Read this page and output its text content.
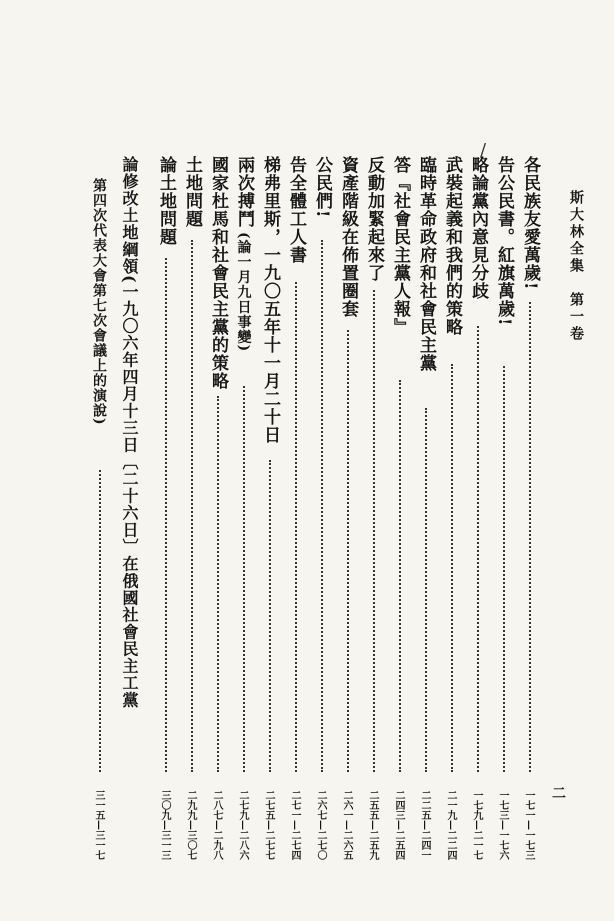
斯大林全集　第一卷
二
各民族友愛萬歲!
一七一—一七三
告公民書。紅旗萬歲!
一七三—一七六
略論黨內意見分歧
一七九—二一七
武裝起義和我們的策略
二一九—二二四
臨時革命政府和社會民主黨
二二五—二四一
答『社會民主黨人報』
二四三—二五四
反動加緊起來了
二五五—二五九
資產階級在佈置圈套
二六一—二六五
公民們!
二六七—二七〇
告全體工人書
二七一—二七四
梯弗里斯，一九〇五年十一月二十日
二七五—二七七
兩次搏鬥
(論一月九日事變)
二七九—二八六
國家杜馬和社會民主黨的策略
二八七—二九八
土地問題
二九九—三〇七
論土地問題
三〇九—三一三
論修改土地綱領(一九〇六年四月十三日〔二十六日〕在俄國社會民主工黨
第四次代表大會第七次會議上的演說)
三一五—三一七
/
